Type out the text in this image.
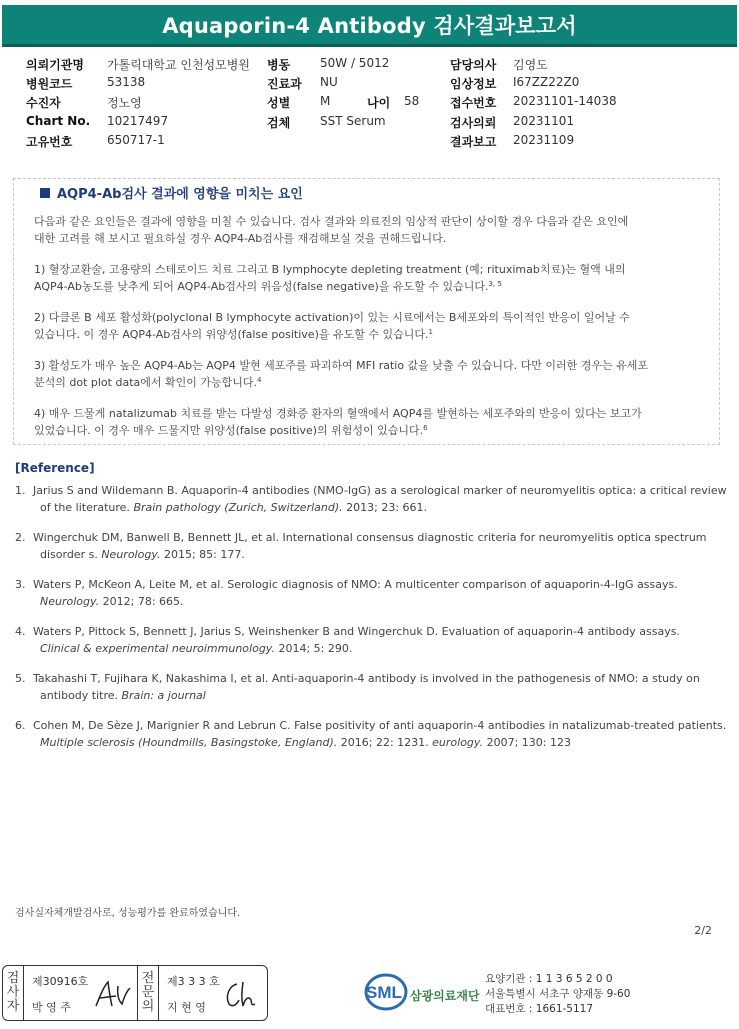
Aquaporin-4 Antibody 검사결과보고서
의뢰기관명 가톨릭대학교 인천성모병원
병원코드	53138
수진자	정노영
Chart No. 10217497
고유번호	650717-1
병동 50W / 5012
진료과 NU
성별 M	나이 58
검체 SST Serum
담당의사 김영도
임상정보 I67ZZ22Z0
접수번호 20231101-14038
검사의뢰 20231101
결과보고 20231109
AQP4-Ab검사 결과에 영향을 미치는 요인

다음과 같은 요인들은 결과에 영향을 미칠 수 있습니다. 검사 결과와 의료진의 임상적 판단이 상이할 경우 다음과 같은 요인에
대한 고려를 해 보시고 필요하실 경우 AQP4-Ab검사를 재검해보실 것을 권해드립니다.

1) 혈장교환술, 고용량의 스테로이드 치료 그리고 B lymphocyte depleting treatment (예; rituximab치료)는 혈액 내의
AQP4-Ab농도를 낮추게 되어 AQP4-Ab검사의 위음성(false negative)을 유도할 수 있습니다.$^{3, 5}$

2) 다클론 B 세포 활성화(polyclonal B lymphocyte activation)이 있는 시료에서는 B세포와의 특이적인 반응이 일어날 수
있습니다. 이 경우 AQP4-Ab검사의 위양성(false positive)을 유도할 수 있습니다.$^1$

3) 활성도가 매우 높은 AQP4-Ab는 AQP4 발현 세포주를 파괴하여 MFI ratio 값을 낮출 수 있습니다. 다만 이러한 경우는 유세포
분석의 dot plot data에서 확인이 가능합니다.$^4$

4) 매우 드물게 natalizumab 치료를 받는 다발성 경화증 환자의 혈액에서 AQP4를 발현하는 세포주와의 반응이 있다는 보고가
있었습니다. 이 경우 매우 드물지만 위양성(false positive)의 위험성이 있습니다.$^6$

[Reference]
1. Jarius S and Wildemann B. Aquaporin-4 antibodies (NMO-IgG) as a serological marker of neuromyelitis optica: a critical review
of the literature. Brain pathology (Zurich, Switzerland). 2013; 23: 661.
2. Wingerchuk DM, Banwell B, Bennett JL, et al. International consensus diagnostic criteria for neuromyelitis optica spectrum
disorder s. Neurology. 2015; 85: 177.
3. Waters P, McKeon A, Leite M, et al. Serologic diagnosis of NMO: A multicenter comparison of aquaporin-4-IgG assays.
Neurology. 2012; 78: 665.
4. Waters P, Pittock S, Bennett J, Jarius S, Weinshenker B and Wingerchuk D. Evaluation of aquaporin-4 antibody assays.
Clinical & experimental neuroimmunology. 2014; 5: 290.
5. Takahashi T, Fujihara K, Nakashima I, et al. Anti-aquaporin-4 antibody is involved in the pathogenesis of NMO: a study on
antibody titre. Brain: a journal
6. Cohen M, De Sèze J, Marignier R and Lebrun C. False positivity of anti aquaporin-4 antibodies in natalizumab-treated patients.
Multiple sclerosis (Houndmills, Basingstoke, England). 2016; 22: 1231. eurology. 2007; 130: 123
검사실자체개발검사로, 성능평가를 완료하였습니다.
2/2
검
사
자
제30916호
박 영 주
전
문
의
제3 3 3 호
지 현 영
SML 삼광의료재단
요양기관 : 1 1 3 6 5 2 0 0
서울특별시 서초구 양재동 9-60
대표번호 : 1661-5117
